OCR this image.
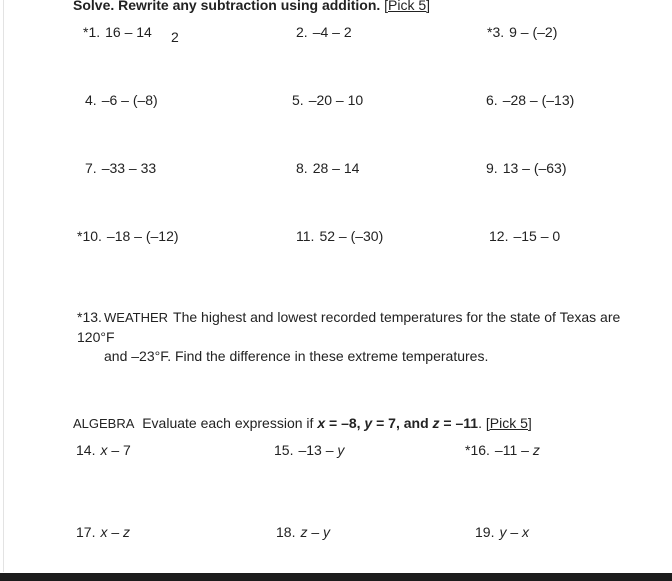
Solve. Rewrite any subtraction using addition. [Pick 5]
2
*1. 16 – 14	2. –4 – 2	*3. 9 – (–2)
4. –6 – (–8)	5. –20 – 10	6. –28 – (–13)
7. –33 – 33	8. 28 – 14	9. 13 – (–63)
*10. –18 – (–12)	11. 52 – (–30)	12. –15 – 0
*13. WEATHER The highest and lowest recorded temperatures for the state of Texas are 120°F
and –23°F. Find the difference in these extreme temperatures.
ALGEBRA Evaluate each expression if x = –8, y = 7, and z = –11. [Pick 5]
14. x – 7	15. –13 – y	*16. –11 – z
17. x – z	18. z – y	19. y – x
